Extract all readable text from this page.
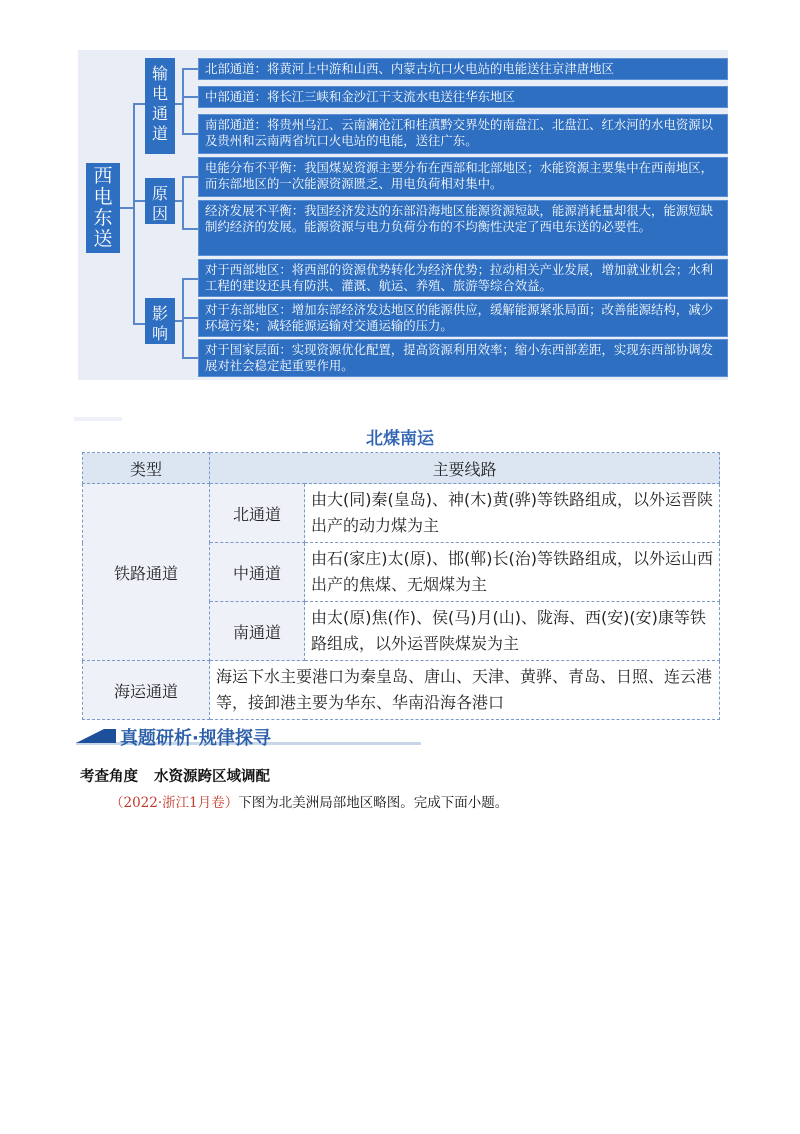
西电东送
输电通道
北部通道：将黄河上中游和山西、内蒙古坑口火电站的电能送往京津唐地区
中部通道：将长江三峡和金沙江干支流水电送往华东地区
南部通道：将贵州乌江、云南澜沧江和桂滇黔交界处的南盘江、北盘江、红水河的水电资源以及贵州和云南两省坑口火电站的电能，送往广东。
原因
电能分布不平衡：我国煤炭资源主要分布在西部和北部地区；水能资源主要集中在西南地区，而东部地区的一次能源资源匮乏、用电负荷相对集中。
经济发展不平衡：我国经济发达的东部沿海地区能源资源短缺，能源消耗量却很大，能源短缺制约经济的发展。能源资源与电力负荷分布的不均衡性决定了西电东送的必要性。
影响
对于西部地区：将西部的资源优势转化为经济优势；拉动相关产业发展，增加就业机会；水利工程的建设还具有防洪、灌溉、航运、养殖、旅游等综合效益。
对于东部地区：增加东部经济发达地区的能源供应，缓解能源紧张局面；改善能源结构，减少环境污染；减轻能源运输对交通运输的压力。
对于国家层面：实现资源优化配置，提高资源利用效率；缩小东西部差距，实现东西部协调发展对社会稳定起重要作用。
北煤南运
类型	主要线路	
铁路通道	北通道	由大(同)秦(皇岛)、神(木)黄(骅)等铁路组成，以外运晋陕出产的动力煤为主
	中通道	由石(家庄)太(原)、邯(郸)长(治)等铁路组成，以外运山西出产的焦煤、无烟煤为主
	南通道	由太(原)焦(作)、侯(马)月(山)、陇海、西(安)(安)康等铁路组成，以外运晋陕煤炭为主
海运通道	海运下水主要港口为秦皇岛、唐山、天津、黄骅、青岛、日照、连云港等，接卸港主要为华东、华南沿海各港口	
真题研析·规律探寻
考查角度 水资源跨区域调配
（2022·浙江1月卷）下图为北美洲局部地区略图。完成下面小题。
